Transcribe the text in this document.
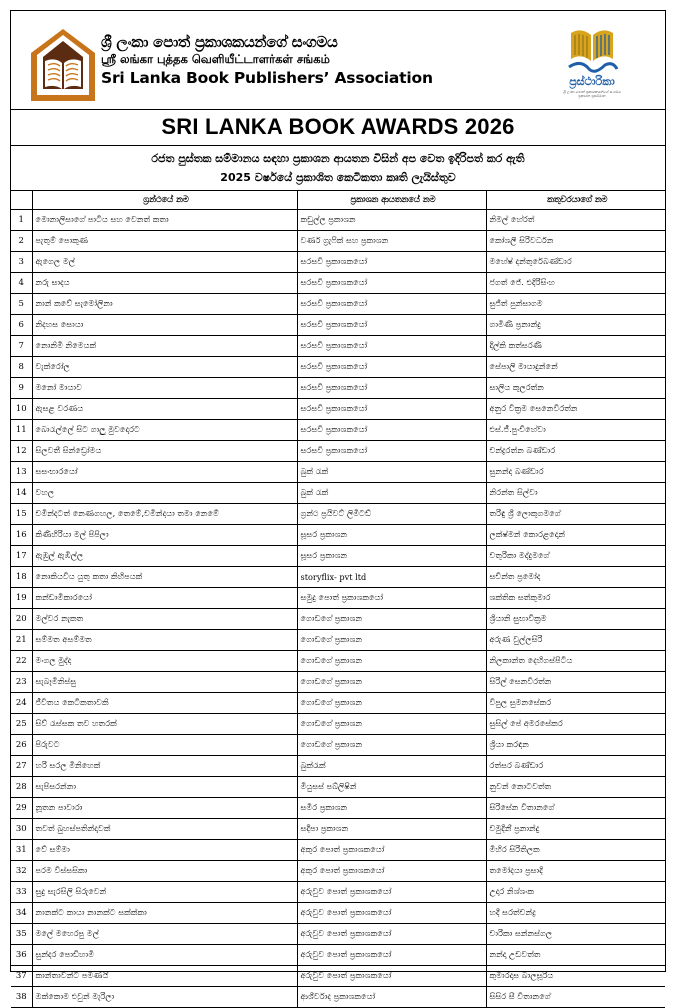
ශ්‍රී ලංකා පොත් ප්‍රකාශකයන්ගේ සංගමය
ஸ்ரீ லங்கா புத்தக வெளியீட்டாளர்கள் சங்கம்
Sri Lanka Book Publishers’ Association	ප්‍රස්ථාරිකා
ශ්‍රී ලංකා පොත් ප්‍රකාශකයන්ගේ සංගමය
ප්‍රකාශන ප්‍රසම්මාන
SRI LANKA BOOK AWARDS 2026
රජත පුස්තක සම්මානය සඳහා ප්‍රකාශන ආයතන විසින් අප වෙත ඉදිරිපත් කර ඇති
2025 වර්ෂයේ ප්‍රකාශිත කෙටිකතා කෘති ලැයිස්තුව
	ග්‍රන්ථයේ නම	ප්‍රකාශන ආයතනයේ නම	කතුවරයාගේ නම
1	මොනාලිසාගේ පාටිය සහ වෙනත් කතා	කඩුල්ල ප්‍රකාශන	නිමල් හේරත්
2	පැතුම් පොකුණ	වර්ණ ග්‍රැෆික් සහ ප්‍රකාශන	කෝශලී සිරිවර්ධන
3	ඇගෙල මල්	සරසවි ප්‍රකාශකයෝ	මහේෂ් දන්තුරේබණ්ඩාර
4	නරු සාදය	සරසවි ප්‍රකාශකයෝ	ජගත් ජේ. එදිරිසිංහ
5	නාන් කවේ සැමෝලිනා	සරසවි ප්‍රකාශකයෝ	සුජිත් පුන්සාගම
6	නිදහස සොයා	සරසවි ප්‍රකාශකයෝ	ගාමිණී ප්‍රනාන්දු
7	නොනිමි නිමෙයක්	සරසවි ප්‍රකාශකයෝ	දිල්කි කත්සරණී
8	වැක්රෝල	සරසවි ප්‍රකාශකයෝ	සේපාලි මායාදුන්නේ
9	මනෝ මායාව	සරසවි ප්‍රකාශකයෝ	සාලිය කුලරත්න
10	ඇසළ වරණය	සරසවි ප්‍රකාශකයෝ	අනුර වික්‍රම සෙනෙවිරත්න
11	බොරැල්ලේ සිට ගාලු මුවදොරට	සරසවි ප්‍රකාශකයෝ	එස්.ජී.පුංචිහේවා
12	සිලවතී සින්ඩ්‍රෝමය	සරසවි ප්‍රකාශකයෝ	චන්ද්‍රරත්න බණ්ඩාර
13	සසංභාරයෝ	බුක් රැක්	සුනන්ද බණ්ඩාර
14	වහල	බුක් රැක්	නිරන්ත සිල්වා
15	චමින්දටත් නෙණගහල, තෙමේ,චමින්දයා තමා නෙමේ	ග්‍රන්ථ ප්‍රයිවට් ලිමිටඩ්	තරිඳු ශ්‍රී ලොකුගමගේ
16	කිණිහිරියා මල් පිපිලා	සූසර ප්‍රකාශන	ලක්ෂ්මන් කොරළදොන්
17	ඇඹුල් ඇඹිල්ල	සූසර ප්‍රකාශන	චතුරිකා මද්දුමගේ
18	නොකියවිය යුතු කතා කිහිපයක්	storyflix- pvt ltd	සචින්ත ප්‍රමෝද
19	කන්ඩාමීකාරයෝ	සමුදු පොත් ප්‍රකාශකයෝ	ශක්තික සත්කුමාර
20	මල්වර නැකත	ගොඩගේ ප්‍රකාශන	ශ්‍රියානි සුභාවික්‍රම
21	සම්මත අසම්මත	ගොඩගේ ප්‍රකාශන	අරුණ වුල්ලසිරි
22	මංගල මුද්ද	ගොඩගේ ප්‍රකාශන	නිලකාන්ත දෙහිගස්පිටිය
23	සැබෑමිනිස්සු	ගොඩගේ ප්‍රකාශන	සිරිල් සෙනවිරත්න
24	ජීවිතය කෙටිකතාවකි	ගොඩගේ ප්‍රකාශන	විපුල සුමනසේකර
25	සිව් රැස්සක තව හතරක්	ගොඩගේ ප්‍රකාශන	සුසිල් පේ අමරසේකර
26	පිරුවට	ගොඩගේ ප්‍රකාශන	ශ්‍රියා කරඳන
27	හරි සරල මිනිහෙක්	බුක්රැක්	රත්සර බණ්ඩාර
28	සැපිසරන්නා	මියුසස් පබ්ලිෂින්	නුවන් නොටවත්ත
29	නූතන පාවාරා	සමීර ප්‍රකාශන	සිරිසේන විතානගේ
30	තවත් බුහස්පතින්දාවක්	සදීපා ප්‍රකාශන	චමුදිනී ප්‍රනාන්දු
31	වේ සම්මා	අකුර පොත් ප්‍රකාශකයෝ	මිහිර සිරිතිලක
32	පරම විස්සසිකා	අකුර පොත් ප්‍රකාශකයෝ	තමෝදයා ප්‍රසාදි
33	සුදු සැරසිලි සිරුවෙන්	අරුවුව පොත් ප්‍රකාශකයෝ	උදාර නිශ්ශංක
34	නානක්ට කායා නානක්ට සක්ක්කා	අරුවුව පොත් ප්‍රකාශකයෝ	හදී සරත්චන්ද්‍ර
35	මලේ මහෙරපු මල්	අරුවුව පොත් ප්‍රකාශකයෝ	චාරිකා සන්නස්ගල
36	සුන්දර පොඩිහාමි	අරුවුව පොත් ප්‍රකාශකයෝ	නන්දා උඩවත්ත
37	කාන්තාවන්ට පමණයි	අරුවුව පොත් ප්‍රකාශකයෝ	කුමාරදාස බාලසූරිය
38	ඔක්කොම එවුන් මැරිලා	ආශීර්වාද ප්‍රකාශකයෝ	සිසිර සී විතානගේ
